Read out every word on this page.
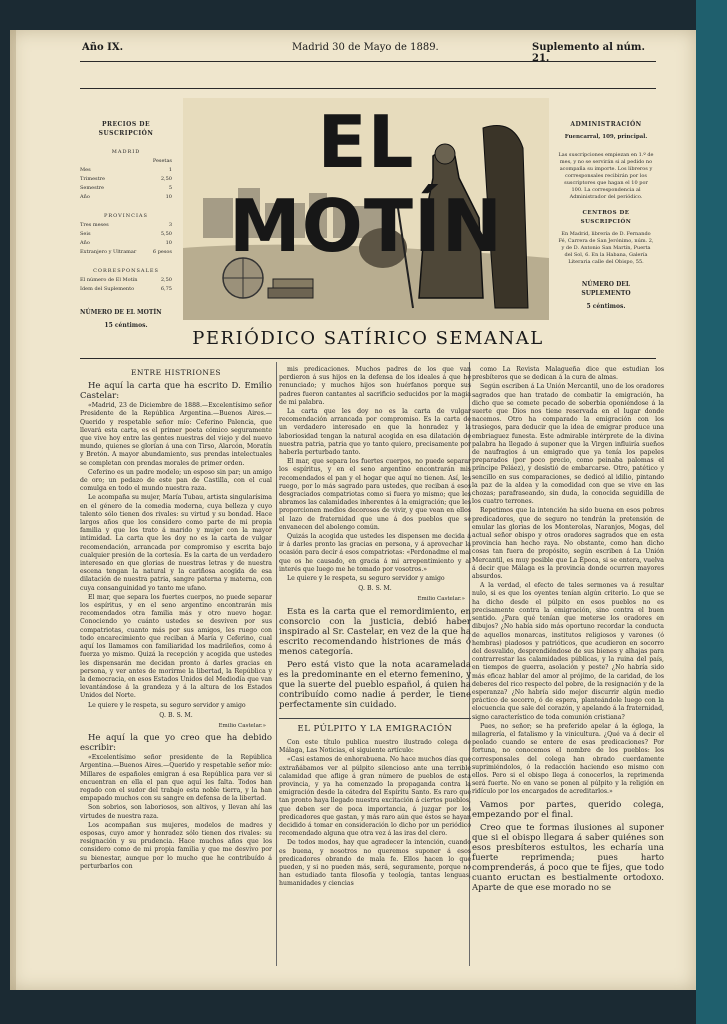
Año IX.	Madrid 30 de Mayo de 1889.	Suplemento al núm. 21.
PRECIOS DE SUSCRIPCIÓN
MADRID
Pesetas
Mes	1
Trimestre	2,50
Semestre	5
Año	10
PROVINCIAS
Tres meses	3
Seis	5,50
Año	10
Extranjero y Ultramar	6 pesos
CORRESPONSALES
El número de El Motín	2,50
Idem del Suplemento	6,75
NÚMERO DE EL MOTÍN
15 céntimos.
EL MOTÍN
ADMINISTRACIÓN
Fuencarral, 109, principal.
Las suscripciones empiezan en 1.º de mes, y no se servirán si al pedido no acompaña su importe. Los libreros y corresponsales recibirán por los suscriptores que hagan el 10 por 100. La correspondencia al Administrador del periódico.
CENTROS DE SUSCRIPCIÓN
En Madrid, librería de D. Fernando Fé, Carrera de San Jerónimo, núm. 2, y de D. Antonio San Martín, Puerta del Sol, 6. En la Habana, Galería Literaria calle del Obispo, 55.
NÚMERO DEL SUPLEMENTO
5 céntimos.
PERIÓDICO SATÍRICO SEMANAL

ENTRE HISTRIONES

He aquí la carta que ha escrito D. Emilio Castelar:

«Madrid, 23 de Diciembre de 1888.—Excelentísimo señor Presidente de la República Argentina.—Buenos Aires.—Querido y respetable señor mío: Ceferino Palencia, que llevará esta carta, es el primer poeta cómico seguramente que vive hoy entre las gentes nuestras del viejo y del nuevo mundo, quienes se glorían á una con Tirso, Alarcón, Moratín y Bretón. A mayor abundamiento, sus prendas intelectuales se completan con prendas morales de primer orden.

Ceferino es un padre modelo; un esposo sin par; un amigo de oro; un pedazo de este pan de Castilla, con el cual comulga en todo el mundo nuestra raza.

Le acompaña su mujer, María Tubau, artista singularísima en el género de la comedia moderna, cuya belleza y cuyo talento sólo tienen dos rivales: su virtud y su bondad. Hace largos años que los considero como parte de mi propia familia y que los trato á marido y mujer con la mayor intimidad. La carta que les doy no es la carta de vulgar recomendación, arrancada por compromiso y escrita bajo cualquier presión de la cortesía. Es la carta de un verdadero interesado en que glorias de nuestras letras y de nuestra escena tengan la natural y la cariñosa acogida de esa dilatación de nuestra patria, sangre paterna y materna, con cuya consanguinidad yo tanto me ufano.

El mar, que separa los fuertes cuerpos, no puede separar los espíritus, y en el seno argentino encontrarán mis recomendados otra familia más y otro nuevo hogar. Conociendo yo cuánto ustedes se desviven por sus compatriotas, cuanto más por sus amigos, les ruego con todo encarecimiento que reciban á María y Ceferino, cual aquí los llamamos con familiaridad los madrileños, como á fuerza yo mismo. Quizá la recepción y acogida que ustedes les dispensarán me decidan pronto á darles gracias en persona, y ver antes de morirme la libertad, la República y la democracia, en esos Estados Unidos del Mediodía que van levantándose á la grandeza y á la altura de los Estados Unidos del Norte.

Le quiere y le respeta, su seguro servidor y amigo

Q. B. S. M.

Emilio Castelar.»

He aquí la que yo creo que ha debido escribir:

«Excelentísimo señor presidente de la República Argentina.—Buenos Aires.—Querido y respetable señor mío: Millares de españoles emigran á esa República para ver si encuentran en ella el pan que aquí les falta. Todos han regado con el sudor del trabajo esta noble tierra, y la han empapado muchos con su sangre en defensa de la libertad.

Son sobrios, son laboriosos, son altivos, y llevan ahí las virtudes de nuestra raza.

Los acompañan sus mujeres, modelos de madres y esposas, cuyo amor y honradez sólo tienen dos rivales: su resignación y su prudencia. Hace muchos años que los considero como de mi propia familia y que me desvivo por su bienestar, aunque por lo mucho que he contribuído á perturbarlos con

mis predicaciones. Muchos padres de los que van perdieron á sus hijos en la defensa de los ideales á que he renunciado; y muchos hijos son huérfanos porque sus padres fueron cantantes al sacrificio seducidos por la magia de mi palabra.

La carta que les doy no es la carta de vulgar recomendación arrancada por compromiso. Es la carta de un verdadero interesado en que la honradez y la laboriosidad tengan la natural acogida en esa dilatación de nuestra patria, patria que yo tanto quiero, precisamente por haberla perturbado tanto.

El mar, que separa los fuertes cuerpos, no puede separar los espíritus, y en el seno argentino encontrarán mis recomendados el pan y el hogar que aquí no tienen. Así, les ruego, por lo más sagrado para ustedes, que reciban á esos desgraciados compatriotas como si fuera yo mismo; que les abramos las calamidades inherentes á la emigración; que les proporcionen medios decorosos de vivir, y que vean en ellos el lazo de fraternidad que une á dos pueblos que se envanecen del abolengo común.

Quizás la acogida que ustedes les dispensen me decida á ir á darles pronto las gracias en persona, y á aprovechar la ocasión para decir á esos compatriotas: «Perdonadme el mal que os he causado, en gracia á mi arrepentimiento y al interés que luego me he tomado por vosotros.»

Le quiere y le respeta, su seguro servidor y amigo

Q. B. S. M.

Emilio Castelar.»

Esta es la carta que el remordimiento, en consorcio con la justicia, debió haber inspirado al Sr. Castelar, en vez de la que ha escrito recomendando histriones de más ó menos categoría.

Pero está visto que la nota acaramelada es la predominante en el eterno femenino, y que la suerte del pueblo español, á quien ha contribuído como nadie á perder, le tiene perfectamente sin cuidado.

EL PÚLPITO Y LA EMIGRACIÓN

Con este título publica nuestro ilustrado colega de Málaga, Las Noticias, el siguiente artículo:

«Casi estamos de enhorabuena. No hace muchos días que extrañábamos ver al púlpito silencioso ante una terrible calamidad que aflige á gran número de pueblos de esta provincia, y ya ha comenzado la propaganda contra la emigración desde la cátedra del Espíritu Santo. Es raro que tan pronto haya llegado nuestra excitación á ciertos pueblos, que deben ser de poca importancia, á juzgar por los predicadores que gastan, y más raro aún que éstos se hayan decidido á tomar en consideración lo dicho por un periódico recomendado alguna que otra vez á las iras del clero.

De todos modos, hay que agradecer la intención, cuando es buena, y nosotros no queremos suponer á esos predicadores obrando de mala fe. Ellos hacen lo que pueden, y si no pueden más, será, seguramente, porque no han estudiado tanta filosofía y teología, tantas lenguas, humanidades y ciencias

como La Revista Malagueña dice que estudian los presbíteros que se dedican á la cura de almas.

Según escriben á La Unión Mercantil, uno de los oradores sagrados que han tratado de combatir la emigración, ha dicho que se comete pecado de soberbia oponiéndose á la suerte que Dios nos tiene reservada en el lugar donde nacemos. Otro ha comparado la emigración con los trasiegos, para deducir que la idea de emigrar produce una embriaguez funesta. Este admirable intérprete de la divina palabra ha llegado á suponer que la Virgen influiría sueños de naufragios á un emigrado que ya tenía los papeles preparados (por poco precio, como peinaba palomas el príncipe Peláez), y desistió de embarcarse. Otro, patético y sencillo en sus comparaciones, se dedicó al idilio, pintando la paz de la aldea y la comodidad con que se vive en las chozas; parafraseando, sin duda, la conocida seguidilla de los cuatro terrones.

Repetimos que la intención ha sido buena en esos pobres predicadores, que de seguro no tendrán la pretensión de emular las glorias de los Monterolas, Naranjos, Mogas, del actual señor obispo y otros oradores sagrados que en esta provincia han hecho raya. No obstante, como han dicho cosas tan fuera de propósito, según escriben á La Unión Mercantil, es muy posible que La Época, si se entera, vuelva á decir que Málaga es la provincia donde ocurren mayores absurdos.

A la verdad, el efecto de tales sermones va á resultar nulo, si es que los oyentes tenían algún criterio. Lo que se ha dicho desde el púlpito en esos pueblos no es precisamente contra la emigración, sino contra el buen sentido. ¿Para qué tenían que meterse los oradores en dibujos? ¿No había sido más oportuno recordar la conducta de aquellos monarcas, institutos religiosos y varones (ó hembras) piadosos y patrióticos, que acudieron en socorro del desvalido, desprendiéndose de sus bienes y alhajas para contrarrestar las calamidades públicas, y la ruina del país, en tiempos de guerra, asolación y peste? ¿No habría sido más eficaz hablar del amor al prójimo, de la caridad, de los deberes del rico respecto del pobre, de la resignación y de la esperanza? ¿No habría sido mejor discurrir algún medio práctico de socorro, ó de espera, planteándole luego con la elocuencia que sale del corazón, y apelando á la fraternidad, signo característico de toda comunión cristiana?

Pues, no señor; se ha preferido apelar á la égloga, la milagrería, el fatalismo y la vinicultura. ¿Qué va á decir el peolado cuando se entere de esas predicaciones? Por fortuna, no conocemos el nombre de los pueblos: los corresponsales del colega han obrado cuerdamente suprimiéndolos, ó la redacción haciendo eso mismo con ellos. Pero si el obispo llega á conocerlos, la reprimenda será fuerte. No en vano se ponen al púlpito y la religión en ridículo por los encargados de acreditarlos.»

Vamos por partes, querido colega, empezando por el final.

Creo que te formas ilusiones al suponer que si el obispo llegara á saber quiénes son esos presbíteros estultos, les echaría una fuerte reprimenda; pues harto comprenderás, á poco que te fijes, que todo cuanto eructan es bestialmente ortodoxo. Aparte de que ese morado no se
